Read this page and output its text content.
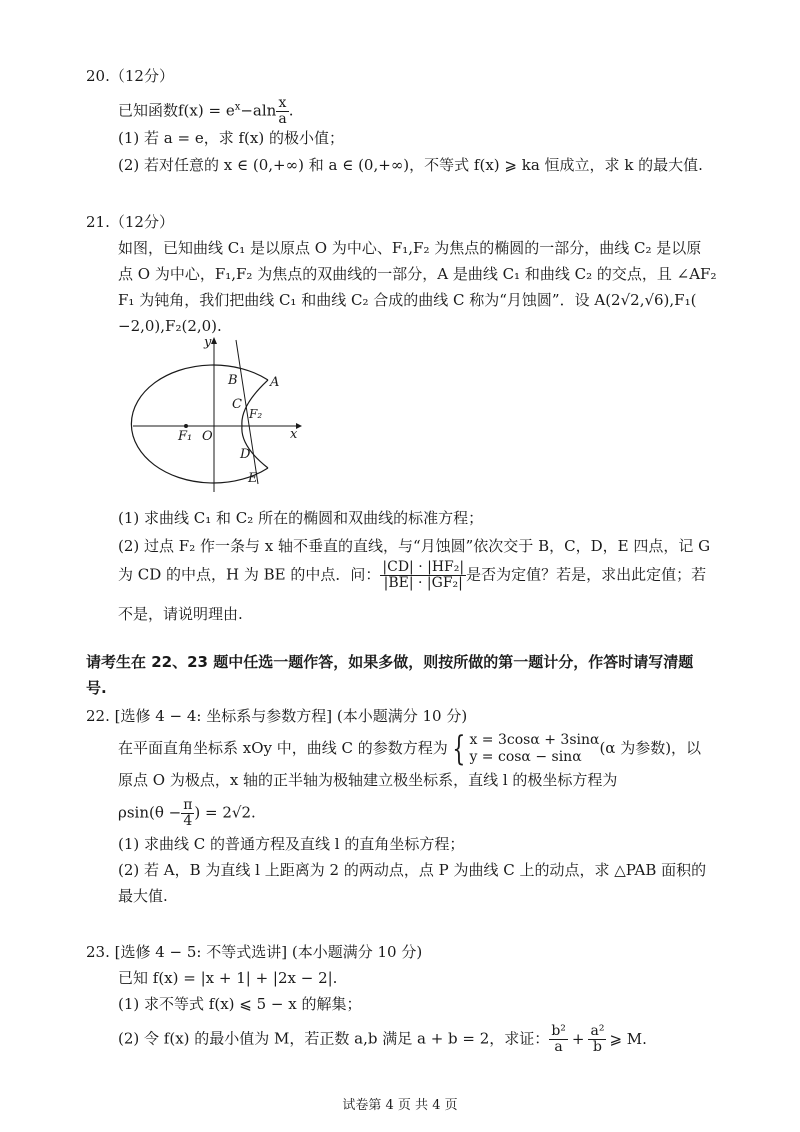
20.（12分）
已知函数$f(x) = e^x-aln \frac{x}{a}$ .
(1) 若 a = e，求 f(x) 的极小值；
(2) 若对任意的 x ∈ (0,+∞) 和 a ∈ (0,+∞)，不等式 f(x) ⩾ ka 恒成立，求 k 的最大值.
21.（12分）
如图，已知曲线 C₁ 是以原点 O 为中心、F₁,F₂ 为焦点的椭圆的一部分，曲线 C₂ 是以原
点 O 为中心，F₁,F₂ 为焦点的双曲线的一部分，A 是曲线 C₁ 和曲线 C₂ 的交点，且 ∠AF₂
F₁ 为钝角，我们把曲线 C₁ 和曲线 C₂ 合成的曲线 C 称为“月蚀圆”．设 A(2√2,√6),F₁(
−2,0),F₂(2,0).
y
x
O
F₁
F₂
A
B
C
D
E
(1) 求曲线 C₁ 和 C₂ 所在的椭圆和双曲线的标准方程；
(2) 过点 F₂ 作一条与 x 轴不垂直的直线，与“月蚀圆”依次交于 B，C，D，E 四点，记 G
为 CD 的中点，H 为 BE 的中点．问： $\frac{\text{|CD| · |HF₂|}}{\text{|BE| · |GF₂|}}$ 是否为定值？若是，求出此定值；若
不是，请说明理由.
请考生在 22、23 题中任选一题作答，如果多做，则按所做的第一题计分，作答时请写清题
号.
22. [选修 4 − 4: 坐标系与参数方程] (本小题满分 10 分)
在平面直角坐标系 xOy 中，曲线 C 的参数方程为 { x = 3cosα + 3sinα
y = cosα − sinα	(α 为参数)，以
原点 O 为极点，x 轴的正半轴为极轴建立极坐标系，直线 l 的极坐标方程为
$\rho\sin(\theta - \frac{\pi}{4}$ ) = 2√2.
(1) 求曲线 C 的普通方程及直线 l 的直角坐标方程；
(2) 若 A，B 为直线 l 上距离为 2 的两动点，点 P 为曲线 C 上的动点，求 △PAB 面积的
最大值.
23. [选修 4 − 5: 不等式选讲] (本小题满分 10 分)
已知 f(x) = |x + 1| + |2x − 2|.
(1) 求不等式 f(x) ⩽ 5 − x 的解集；
(2) 令 f(x) 的最小值为 M，若正数 a,b 满足 a + b = 2，求证： $\frac{\text{b²}}{a} + \frac{\text{a²}}{b}$ ⩾ M.
试卷第 4 页 共 4 页
